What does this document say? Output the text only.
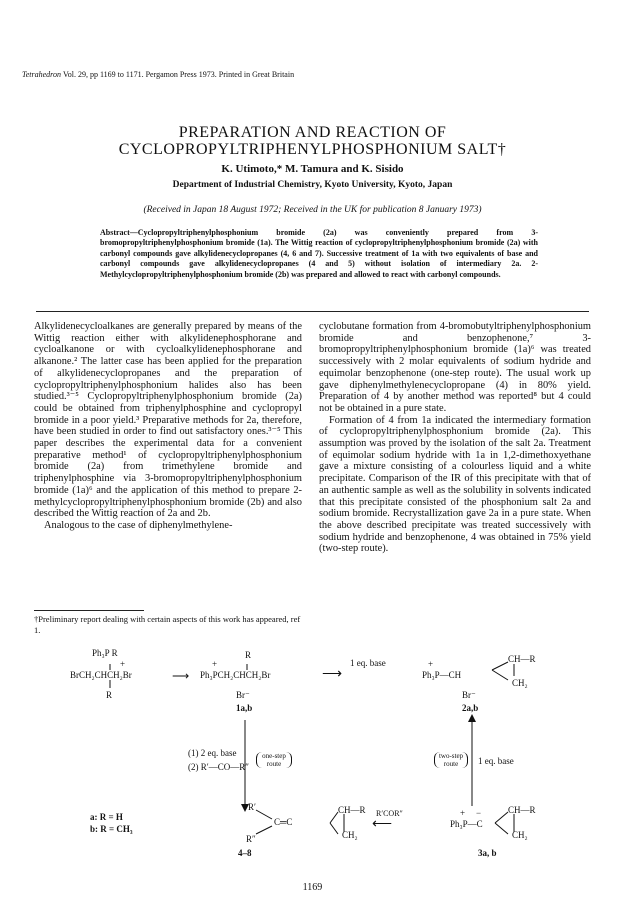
Tetrahedron Vol. 29, pp 1169 to 1171. Pergamon Press 1973. Printed in Great Britain
PREPARATION AND REACTION OF
CYCLOPROPYLTRIPHENYLPHOSPHONIUM SALT†
K. Utimoto,* M. Tamura and K. Sisido
Department of Industrial Chemistry, Kyoto University, Kyoto, Japan
(Received in Japan 18 August 1972; Received in the UK for publication 8 January 1973)
Abstract—Cyclopropyltriphenylphosphonium bromide (2a) was conveniently prepared from 3-bromopropyltriphenylphosphonium bromide (1a). The Wittig reaction of cyclopropyltriphenylphosphonium bromide (2a) with carbonyl compounds gave alkylidenecyclopropanes (4, 6 and 7). Successive treatment of 1a with two equivalents of base and carbonyl compounds gave alkylidenecyclopropanes (4 and 5) without isolation of intermediary 2a. 2-Methylcyclopropyltriphenylphosphonium bromide (2b) was prepared and allowed to react with carbonyl compounds.

Alkylidenecycloalkanes are generally prepared by means of the Wittig reaction either with alkylidenephosphorane and cycloalkanone or with cycloalkylidenephosphorane and alkanone.² The latter case has been applied for the preparation of alkylidenecyclopropanes and the preparation of cyclopropyltriphenylphosphonium halides also has been studied.³⁻⁵ Cyclopropyltriphenylphosphonium bromide (2a) could be obtained from triphenylphosphine and cyclopropyl bromide in a poor yield.³ Preparative methods for 2a, therefore, have been studied in order to find out satisfactory ones.³⁻⁵ This paper describes the experimental data for a convenient preparative method¹ of cyclopropyltriphenylphosphonium bromide (2a) from trimethylene bromide and triphenylphosphine via 3-bromopropyltriphenylphosphonium bromide (1a)⁶ and the application of this method to prepare 2-methylcyclopropyltriphenylphosphonium bromide (2b) and also described the Wittig reaction of 2a and 2b.

Analogous to the case of diphenylmethylene-

cyclobutane formation from 4-bromobutyltriphenylphosphonium bromide and benzophenone,⁷ 3-bromopropyltriphenylphosphonium bromide (1a)⁶ was treated successively with 2 molar equivalents of sodium hydride and equimolar benzophenone (one-step route). The usual work up gave diphenylmethylenecyclopropane (4) in 80% yield. Preparation of 4 by another method was reported⁸ but 4 could not be obtained in a pure state.

Formation of 4 from 1a indicated the intermediary formation of cyclopropyltriphenylphosphonium bromide (2a). This assumption was proved by the isolation of the salt 2a. Treatment of equimolar sodium hydride with 1a in 1,2-dimethoxyethane gave a mixture consisting of a colourless liquid and a white precipitate. Comparison of the IR of this precipitate with that of an authentic sample as well as the solubility in solvents indicated that this precipitate consisted of the phosphonium salt 2a and sodium bromide. Recrystallization gave 2a in a pure state. When the above described precipitate was treated successively with sodium hydride and benzophenone, 4 was obtained in 75% yield (two-step route).

†Preliminary report dealing with certain aspects of this work has appeared, ref 1.
Ph₃P R
+
BrCH₂CHCH₂Br
R
⟶
+
R
Ph₃PCH₂CHCH₂Br
Br⁻
1a,b
1 eq. base
⟶
+
Ph₃P—CH
CH—R
CH₂
Br⁻
2a,b
(1) 2 eq. base
(2) R′—CO—R″
one-step route
two-step route	1 eq. base
R′
C═C
R″
CH—R
CH₂
4–8
R′COR″
⟵
+ −
Ph₃P—C
CH—R
CH₂
3a, b
a: R = H
b: R = CH₃
1169
